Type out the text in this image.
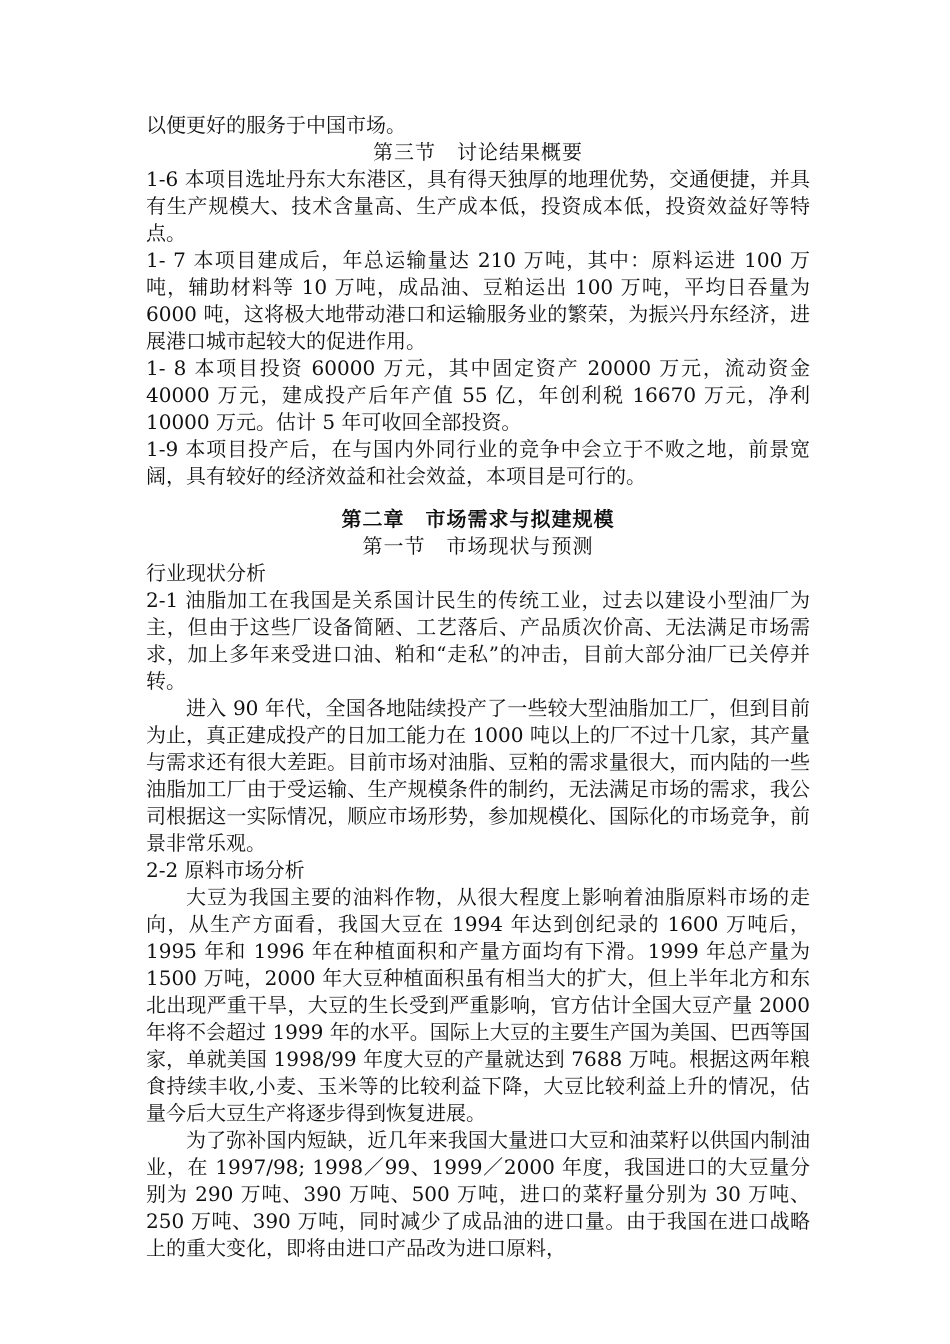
以便更好的服务于中国市场。

第三节　讨论结果概要

1-6 本项目选址丹东大东港区，具有得天独厚的地理优势，交通便捷，并具有生产规模大、技术含量高、生产成本低，投资成本低，投资效益好等特点。

1- 7 本项目建成后，年总运输量达 210 万吨，其中：原料运进 100 万吨，辅助材料等 10 万吨，成品油、豆粕运出 100 万吨，平均日吞量为 6000 吨，这将极大地带动港口和运输服务业的繁荣，为振兴丹东经济，进展港口城市起较大的促进作用。

1- 8 本项目投资 60000 万元，其中固定资产 20000 万元，流动资金 40000 万元，建成投产后年产值 55 亿，年创利税 16670 万元，净利 10000 万元。估计 5 年可收回全部投资。

1-9 本项目投产后，在与国内外同行业的竞争中会立于不败之地，前景宽阔，具有较好的经济效益和社会效益，本项目是可行的。

第二章　市场需求与拟建规模

第一节　市场现状与预测

行业现状分析

2-1 油脂加工在我国是关系国计民生的传统工业，过去以建设小型油厂为主，但由于这些厂设备简陋、工艺落后、产品质次价高、无法满足市场需求，加上多年来受进口油、粕和“走私”的冲击，目前大部分油厂已关停并转。

进入 90 年代，全国各地陆续投产了一些较大型油脂加工厂，但到目前为止，真正建成投产的日加工能力在 1000 吨以上的厂不过十几家，其产量与需求还有很大差距。目前市场对油脂、豆粕的需求量很大，而内陆的一些油脂加工厂由于受运输、生产规模条件的制约，无法满足市场的需求，我公司根据这一实际情况，顺应市场形势，参加规模化、国际化的市场竞争，前景非常乐观。

2-2 原料市场分析

大豆为我国主要的油料作物，从很大程度上影响着油脂原料市场的走向，从生产方面看，我国大豆在 1994 年达到创纪录的 1600 万吨后，1995 年和 1996 年在种植面积和产量方面均有下滑。1999 年总产量为 1500 万吨，2000 年大豆种植面积虽有相当大的扩大，但上半年北方和东北出现严重干旱，大豆的生长受到严重影响，官方估计全国大豆产量 2000 年将不会超过 1999 年的水平。国际上大豆的主要生产国为美国、巴西等国家，单就美国 1998/99 年度大豆的产量就达到 7688 万吨。根据这两年粮食持续丰收,小麦、玉米等的比较利益下降，大豆比较利益上升的情况，估量今后大豆生产将逐步得到恢复进展。

为了弥补国内短缺，近几年来我国大量进口大豆和油菜籽以供国内制油业，在 1997/98; 1998／99、1999／2000 年度，我国进口的大豆量分别为 290 万吨、390 万吨、500 万吨，进口的菜籽量分别为 30 万吨、250 万吨、390 万吨，同时减少了成品油的进口量。由于我国在进口战略上的重大变化，即将由进口产品改为进口原料，
